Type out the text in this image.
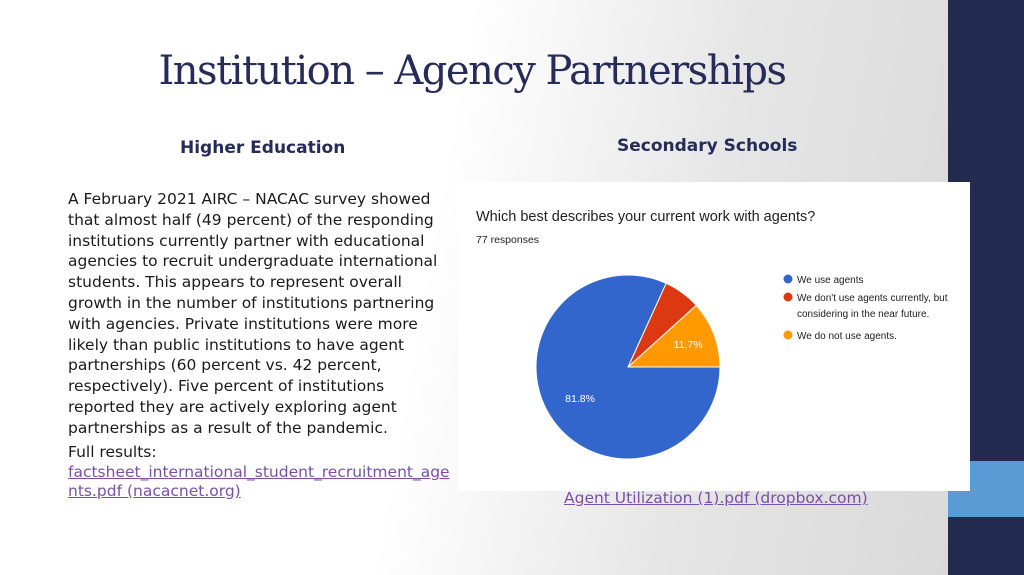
Institution – Agency Partnerships
Higher Education	Secondary Schools

A February 2021 AIRC – NACAC survey showed that almost half (49 percent) of the responding institutions currently partner with educational agencies to recruit undergraduate international students. This appears to represent overall growth in the number of institutions partnering with agencies. Private institutions were more likely than public institutions to have agent partnerships (60 percent vs. 42 percent, respectively). Five percent of institutions reported they are actively exploring agent partnerships as a result of the pandemic.

Full results:
factsheet_international_student_recruitment_agents.pdf (nacacnet.org)
Which best describes your current work with agents?
77 responses
11.7%
81.8%
We use agents
We don't use agents currently, but considering in the near future.
We do not use agents.
Agent Utilization (1).pdf (dropbox.com)
